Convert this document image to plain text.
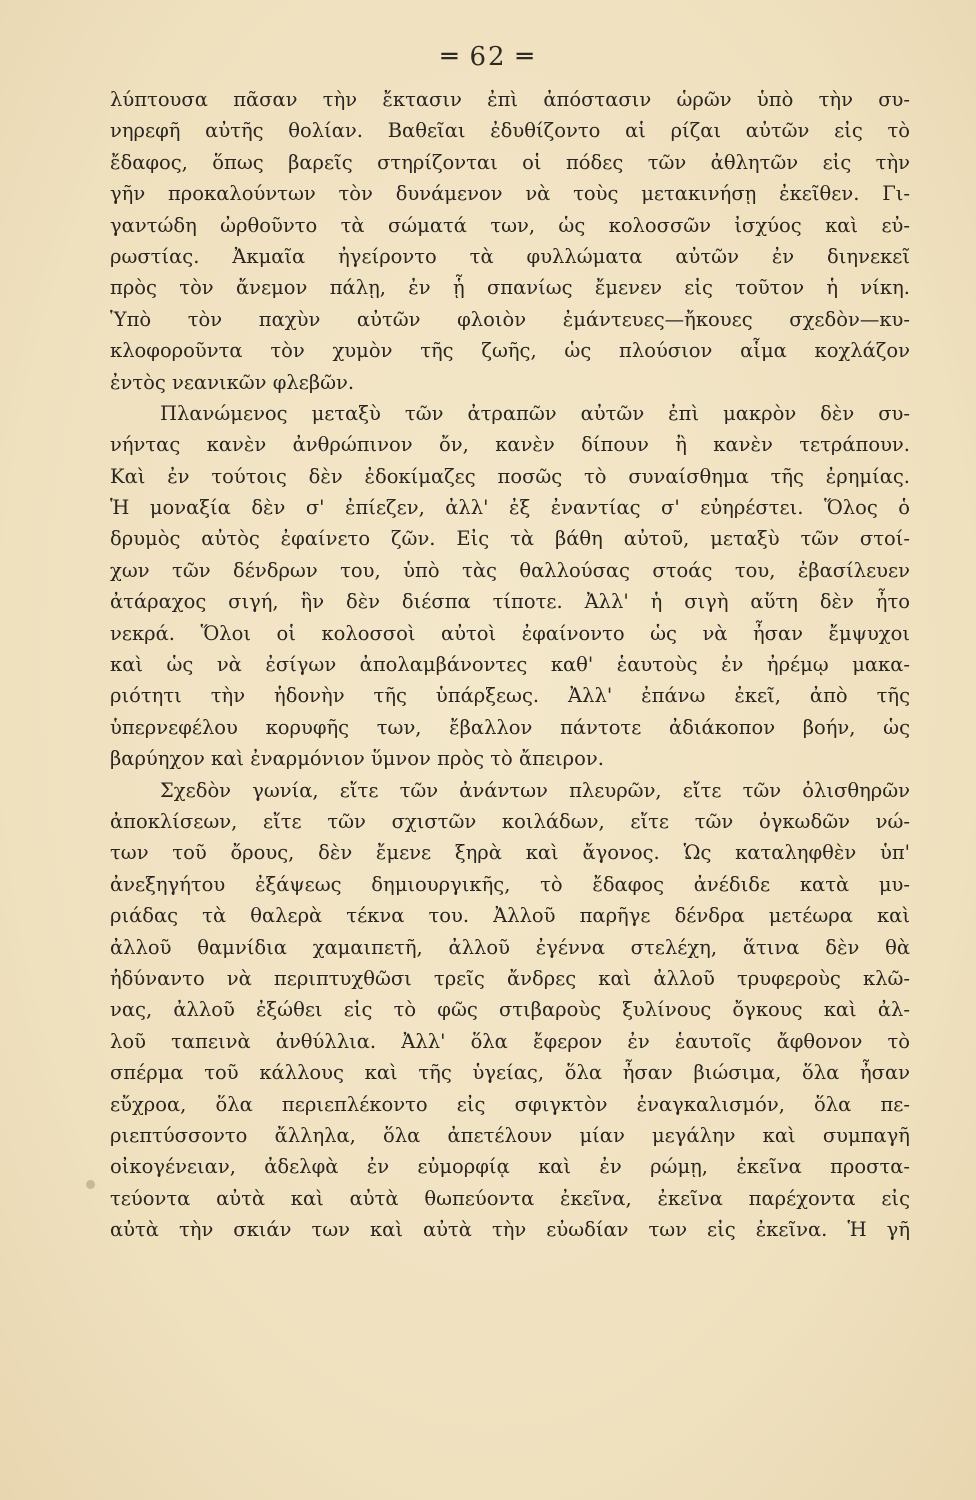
═ 62 ═
λύπτουσα πᾶσαν τὴν ἔκτασιν ἐπὶ ἀπόστασιν ὡρῶν ὑπὸ τὴν συ-
νηρεφῆ αὐτῆς θολίαν. Βαθεῖαι ἐδυθίζοντο αἱ ρίζαι αὐτῶν εἰς τὸ
ἔδαφος, ὅπως βαρεῖς στηρίζονται οἱ πόδες τῶν ἀθλητῶν εἰς τὴν
γῆν προκαλούντων τὸν δυνάμενον νὰ τοὺς μετακινήσῃ ἐκεῖθεν. Γι-
γαντώδη ὠρθοῦντο τὰ σώματά των, ὡς κολοσσῶν ἰσχύος καὶ εὐ-
ρωστίας. Ἀκμαῖα ἠγείροντο τὰ φυλλώματα αὐτῶν ἐν διηνεκεῖ
πρὸς τὸν ἄνεμον πάλῃ, ἐν ᾗ σπανίως ἔμενεν εἰς τοῦτον ἡ νίκη.
Ὑπὸ τὸν παχὺν αὐτῶν φλοιὸν ἐμάντευες—ἤκουες σχεδὸν—κυ-
κλοφοροῦντα τὸν χυμὸν τῆς ζωῆς, ὡς πλούσιον αἷμα κοχλάζον
ἐντὸς νεανικῶν φλεβῶν.
Πλανώμενος μεταξὺ τῶν ἀτραπῶν αὐτῶν ἐπὶ μακρὸν δὲν συ-
νήντας κανὲν ἀνθρώπινον ὄν, κανὲν δίπουν ἢ κανὲν τετράπουν.
Καὶ ἐν τούτοις δὲν ἐδοκίμαζες ποσῶς τὸ συναίσθημα τῆς ἐρημίας.
Ἡ μοναξία δὲν σ' ἐπίεζεν, ἀλλ' ἐξ ἐναντίας σ' εὐηρέστει. Ὅλος ὁ
δρυμὸς αὐτὸς ἐφαίνετο ζῶν. Εἰς τὰ βάθη αὐτοῦ, μεταξὺ τῶν στοί-
χων τῶν δένδρων του, ὑπὸ τὰς θαλλούσας στοάς του, ἐβασίλευεν
ἀτάραχος σιγή, ἣν δὲν διέσπα τίποτε. Ἀλλ' ἡ σιγὴ αὕτη δὲν ἦτο
νεκρά. Ὅλοι οἱ κολοσσοὶ αὐτοὶ ἐφαίνοντο ὡς νὰ ἦσαν ἔμψυχοι
καὶ ὡς νὰ ἐσίγων ἀπολαμβάνοντες καθ' ἑαυτοὺς ἐν ἠρέμῳ μακα-
ριότητι τὴν ἡδονὴν τῆς ὑπάρξεως. Ἀλλ' ἐπάνω ἐκεῖ, ἀπὸ τῆς
ὑπερνεφέλου κορυφῆς των, ἔβαλλον πάντοτε ἀδιάκοπον βοήν, ὡς
βαρύηχον καὶ ἐναρμόνιον ὕμνον πρὸς τὸ ἄπειρον.
Σχεδὸν γωνία, εἴτε τῶν ἀνάντων πλευρῶν, εἴτε τῶν ὀλισθηρῶν
ἀποκλίσεων, εἴτε τῶν σχιστῶν κοιλάδων, εἴτε τῶν ὀγκωδῶν νώ-
των τοῦ ὄρους, δὲν ἔμενε ξηρὰ καὶ ἄγονος. Ὡς καταληφθὲν ὑπ'
ἀνεξηγήτου ἐξάψεως δημιουργικῆς, τὸ ἔδαφος ἀνέδιδε κατὰ μυ-
ριάδας τὰ θαλερὰ τέκνα του. Ἀλλοῦ παρῆγε δένδρα μετέωρα καὶ
ἀλλοῦ θαμνίδια χαμαιπετῆ, ἀλλοῦ ἐγέννα στελέχη, ἅτινα δὲν θὰ
ἠδύναντο νὰ περιπτυχθῶσι τρεῖς ἄνδρες καὶ ἀλλοῦ τρυφεροὺς κλῶ-
νας, ἀλλοῦ ἐξώθει εἰς τὸ φῶς στιβαροὺς ξυλίνους ὄγκους καὶ ἀλ-
λοῦ ταπεινὰ ἀνθύλλια. Ἀλλ' ὅλα ἔφερον ἐν ἑαυτοῖς ἄφθονον τὸ
σπέρμα τοῦ κάλλους καὶ τῆς ὑγείας, ὅλα ἦσαν βιώσιμα, ὅλα ἦσαν
εὔχροα, ὅλα περιεπλέκοντο εἰς σφιγκτὸν ἐναγκαλισμόν, ὅλα πε-
ριεπτύσσοντο ἄλληλα, ὅλα ἀπετέλουν μίαν μεγάλην καὶ συμπαγῆ
οἰκογένειαν, ἀδελφὰ ἐν εὐμορφίᾳ καὶ ἐν ρώμῃ, ἐκεῖνα προστα-
τεύοντα αὐτὰ καὶ αὐτὰ θωπεύοντα ἐκεῖνα, ἐκεῖνα παρέχοντα εἰς
αὐτὰ τὴν σκιάν των καὶ αὐτὰ τὴν εὐωδίαν των εἰς ἐκεῖνα. Ἡ γῆ
